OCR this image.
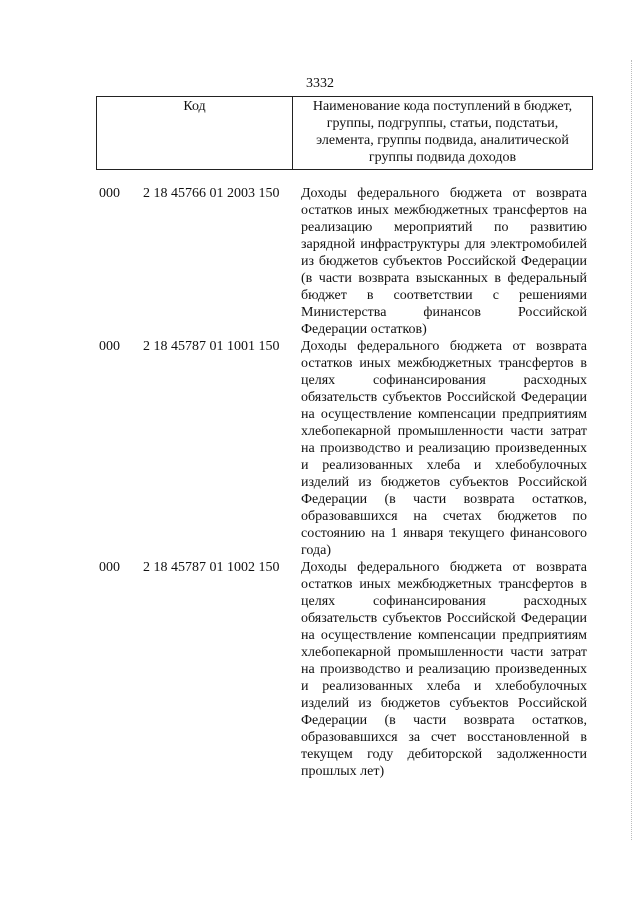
3332
Код	Наименование кода поступлений в бюджет, группы, подгруппы, статьи, подстатьи, элемента, группы подвида, аналитической группы подвида доходов
000 2 18 45766 01 2003 150 Доходы федерального бюджета от возврата остатков иных межбюджетных трансфертов на реализацию мероприятий по развитию зарядной инфраструктуры для электромобилей из бюджетов субъектов Российской Федерации (в части возврата взысканных в федеральный бюджет в соответствии с решениями Министерства финансов Российской Федерации остатков)
000 2 18 45787 01 1001 150 Доходы федерального бюджета от возврата остатков иных межбюджетных трансфертов в целях софинансирования расходных обязательств субъектов Российской Федерации на осуществление компенсации предприятиям хлебопекарной промышленности части затрат на производство и реализацию произведенных и реализованных хлеба и хлебобулочных изделий из бюджетов субъектов Российской Федерации (в части возврата остатков, образовавшихся на счетах бюджетов по состоянию на 1 января текущего финансового года)
000 2 18 45787 01 1002 150 Доходы федерального бюджета от возврата остатков иных межбюджетных трансфертов в целях софинансирования расходных обязательств субъектов Российской Федерации на осуществление компенсации предприятиям хлебопекарной промышленности части затрат на производство и реализацию произведенных и реализованных хлеба и хлебобулочных изделий из бюджетов субъектов Российской Федерации (в части возврата остатков, образовавшихся за счет восстановленной в текущем году дебиторской задолженности прошлых лет)
